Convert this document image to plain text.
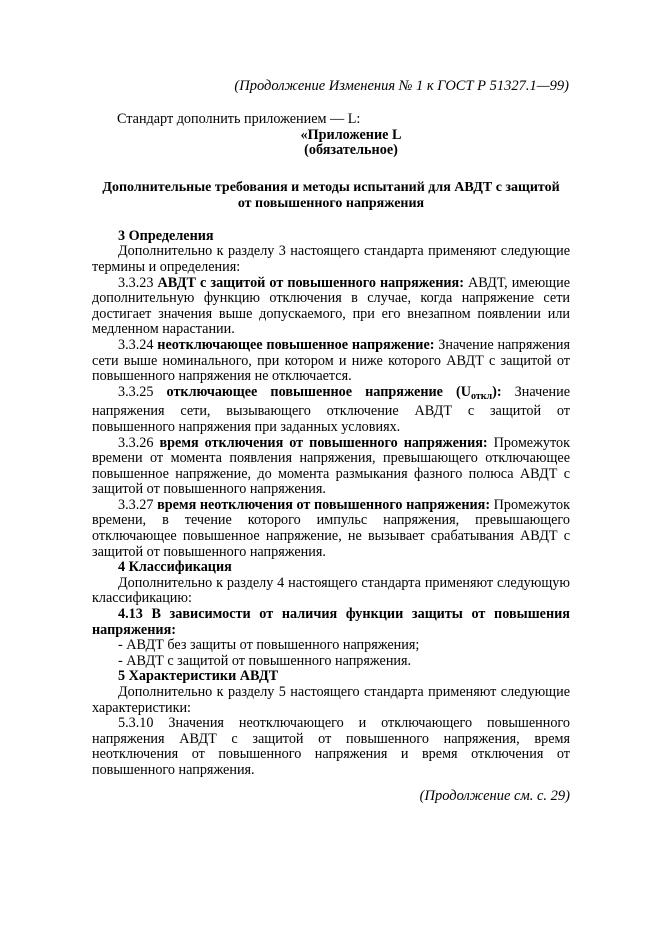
(Продолжение Изменения № 1 к ГОСТ Р 51327.1—99)

Стандарт дополнить приложением — L:

«Приложение L

(обязательное)

Дополнительные требования и методы испытаний для АВДТ с защитой
от повышенного напряжения

3 Определения

Дополнительно к разделу 3 настоящего стандарта применяют следующие термины и определения:

3.3.23 АВДТ с защитой от повышенного напряжения: АВДТ, имеющие дополнительную функцию отключения в случае, когда напряжение сети достигает значения выше допускаемого, при его внезапном появлении или медленном нарастании.

3.3.24 неотключающее повышенное напряжение: Значение напряжения сети выше номинального, при котором и ниже которого АВДТ с защитой от повышенного напряжения не отключается.

3.3.25 отключающее повышенное напряжение $(U_{откл})$: Значение напряжения сети, вызывающего отключение АВДТ с защитой от повышенного напряжения при заданных условиях.

3.3.26 время отключения от повышенного напряжения: Промежуток времени от момента появления напряжения, превышающего отключающее повышенное напряжение, до момента размыкания фазного полюса АВДТ с защитой от повышенного напряжения.

3.3.27 время неотключения от повышенного напряжения: Промежуток времени, в течение которого импульс напряжения, превышающего отключающее повышенное напряжение, не вызывает срабатывания АВДТ с защитой от повышенного напряжения.

4 Классификация

Дополнительно к разделу 4 настоящего стандарта применяют следующую классификацию:

4.13 В зависимости от наличия функции защиты от повышения напряжения:

- АВДТ без защиты от повышенного напряжения;

- АВДТ с защитой от повышенного напряжения.

5 Характеристики АВДТ

Дополнительно к разделу 5 настоящего стандарта применяют следующие характеристики:

5.3.10 Значения неотключающего и отключающего повышенного напряжения АВДТ с защитой от повышенного напряжения, время неотключения от повышенного напряжения и время отключения от повышенного напряжения.

(Продолжение см. с. 29)
